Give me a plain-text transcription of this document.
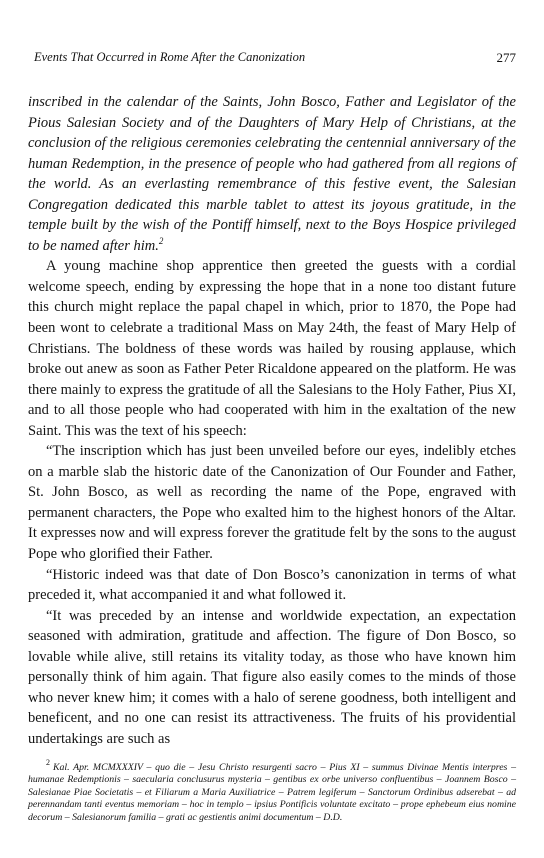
Events That Occurred in Rome After the Canonization	277

inscribed in the calendar of the Saints, John Bosco, Father and Legislator of the Pious Salesian Society and of the Daughters of Mary Help of Christians, at the conclusion of the religious ceremonies celebrating the centennial anniversary of the human Redemption, in the presence of people who had gathered from all regions of the world. As an everlasting remembrance of this festive event, the Salesian Congregation dedicated this marble tablet to attest its joyous gratitude, in the temple built by the wish of the Pontiff himself, next to the Boys Hospice privileged to be named after him.$^2$

A young machine shop apprentice then greeted the guests with a cordial welcome speech, ending by expressing the hope that in a none too distant future this church might replace the papal chapel in which, prior to 1870, the Pope had been wont to celebrate a traditional Mass on May 24th, the feast of Mary Help of Christians. The boldness of these words was hailed by rousing applause, which broke out anew as soon as Father Peter Ricaldone appeared on the platform. He was there mainly to express the gratitude of all the Salesians to the Holy Father, Pius XI, and to all those people who had cooperated with him in the exaltation of the new Saint. This was the text of his speech:

“The inscription which has just been unveiled before our eyes, indelibly etches on a marble slab the historic date of the Canonization of Our Founder and Father, St. John Bosco, as well as recording the name of the Pope, engraved with permanent characters, the Pope who exalted him to the highest honors of the Altar. It expresses now and will express forever the gratitude felt by the sons to the august Pope who glorified their Father.

“Historic indeed was that date of Don Bosco’s canonization in terms of what preceded it, what accompanied it and what followed it.

“It was preceded by an intense and worldwide expectation, an expectation seasoned with admiration, gratitude and affection. The figure of Don Bosco, so lovable while alive, still retains its vitality today, as those who have known him personally think of him again. That figure also easily comes to the minds of those who never knew him; it comes with a halo of serene goodness, both intelligent and beneficent, and no one can resist its attractiveness. The fruits of his providential undertakings are such as

$^2$ Kal. Apr. MCMXXXIV – quo die – Jesu Christo resurgenti sacro – Pius XI – summus Divinae Mentis interpres – humanae Redemptionis – saecularia conclusurus mysteria – gentibus ex orbe universo confluentibus – Joannem Bosco – Salesianae Piae Societatis – et Filiarum a Maria Auxiliatrice – Patrem legiferum – Sanctorum Ordinibus adserebat – ad perennandam tanti eventus memoriam – hoc in templo – ipsius Pontificis voluntate excitato – prope ephebeum eius nomine decorum – Salesianorum familia – grati ac gestientis animi documentum – D.D.
